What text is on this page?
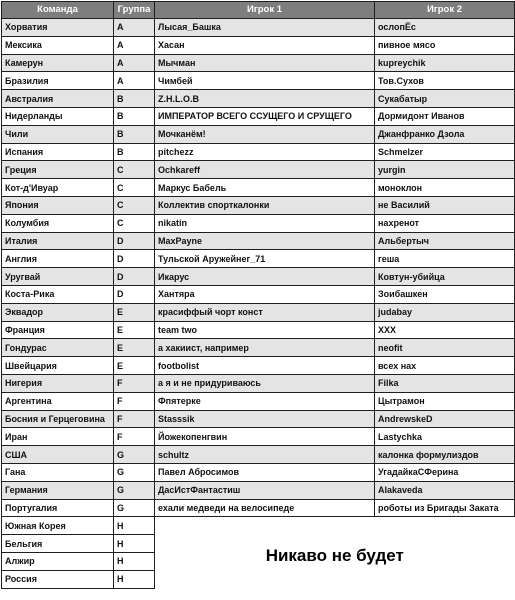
Команда	Группа	Игрок 1	Игрок 2
Хорватия	A	Лысая_Башка	ослопЁс
Мексика	A	Хасан	пивное мясо
Камерун	A	Мычман	kupreychik
Бразилия	A	Чимбей	Тов.Сухов
Австралия	B	Z.H.L.O.B	Сукабатыр
Нидерланды	B	ИМПЕРАТОР ВСЕГО ССУЩЕГО И СРУЩЕГО	Дормидонт Иванов
Чили	B	Мочканём!	Джанфранко Дзола
Испания	B	pitchezz	Schmelzer
Греция	C	Ochkareff	yurgin
Кот-д'Ивуар	C	Маркус Бабель	моноклон
Япония	C	Коллектив спорткалонки	не Василий
Колумбия	C	nikatin	нахренот
Италия	D	MaxPayne	Альбертыч
Англия	D	Тульской Аружейнег_71	геша
Уругвай	D	Икарус	Ковтун-убийца
Коста-Рика	D	Хантяра	Зоибашкен
Эквадор	E	красиффый чорт конст	judabay
Франция	E	team two	XXX
Гондурас	E	а хакиист, например	neofit
Швейцария	E	footbolist	всех нах
Нигерия	F	а я и не придуриваюсь	Filka
Аргентина	F	Фпятерке	Цытрамон
Босния и Герцеговина	F	Stasssik	AndrewskeD
Иран	F	Йожекопенгвин	Lastychka
США	G	schultz	калонка формулиздов
Гана	G	Павел Абросимов	УгадайкаСФерина
Германия	G	ДасИстФантастиш	Alakaveda
Португалия	G	ехали медведи на велосипеде	роботы из Бригады Заката
Южная Корея	H	Никаво не будет	
Бельгия	H		
Алжир	H		
Россия	H		
